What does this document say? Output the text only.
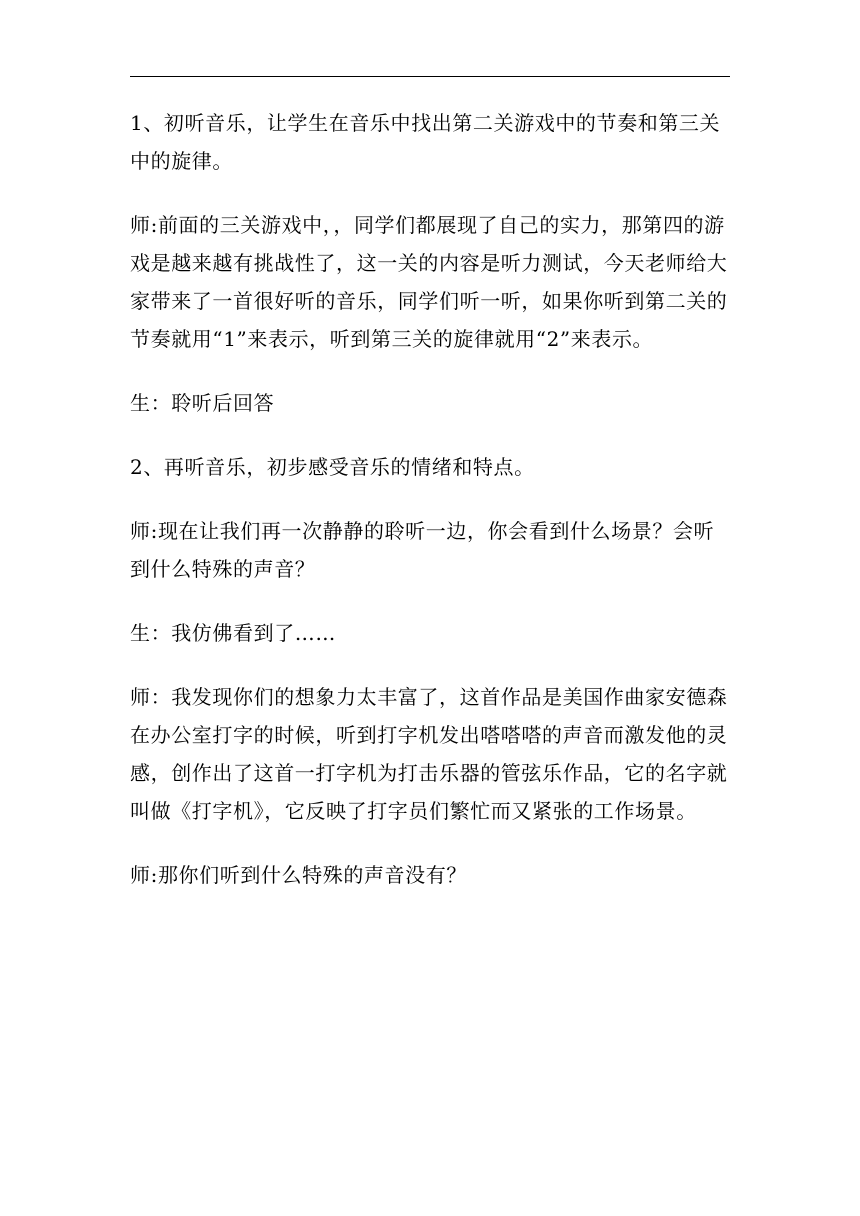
1、初听音乐，让学生在音乐中找出第二关游戏中的节奏和第三关中的旋律。

师:前面的三关游戏中，，同学们都展现了自己的实力，那第四的游戏是越来越有挑战性了，这一关的内容是听力测试，今天老师给大家带来了一首很好听的音乐，同学们听一听，如果你听到第二关的节奏就用“1”来表示，听到第三关的旋律就用“2”来表示。

生：聆听后回答

2、再听音乐，初步感受音乐的情绪和特点。

师:现在让我们再一次静静的聆听一边，你会看到什么场景？会听到什么特殊的声音？

生：我仿佛看到了……

师：我发现你们的想象力太丰富了，这首作品是美国作曲家安德森在办公室打字的时候，听到打字机发出嗒嗒嗒的声音而激发他的灵感，创作出了这首一打字机为打击乐器的管弦乐作品，它的名字就叫做《打字机》，它反映了打字员们繁忙而又紧张的工作场景。

师:那你们听到什么特殊的声音没有？
